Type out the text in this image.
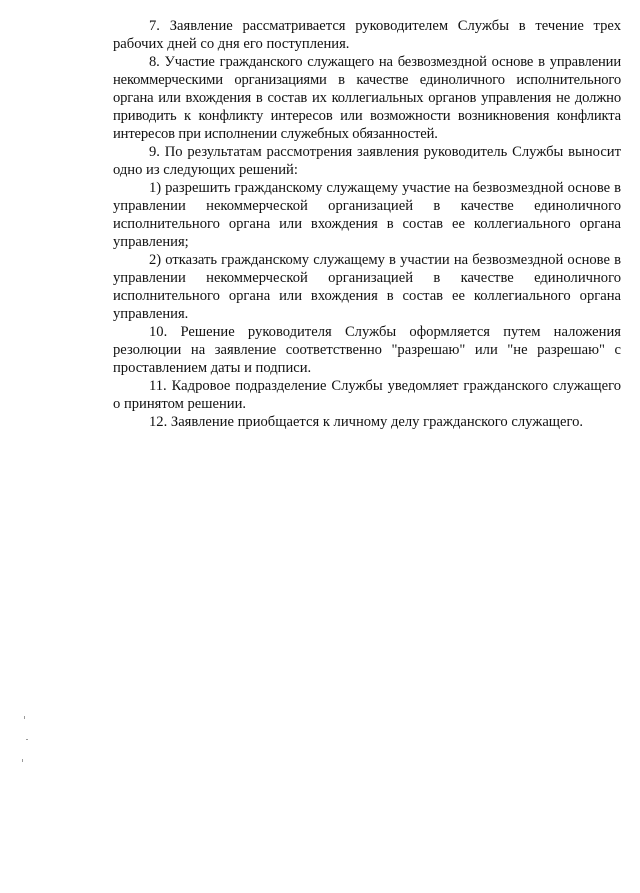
7. Заявление рассматривается руководителем Службы в течение трех рабочих дней со дня его поступления.

8. Участие гражданского служащего на безвозмездной основе в управлении некоммерческими организациями в качестве единоличного исполнительного органа или вхождения в состав их коллегиальных органов управления не должно приводить к конфликту интересов или возможности возникновения конфликта интересов при исполнении служебных обязанностей.

9. По результатам рассмотрения заявления руководитель Службы выносит одно из следующих решений:

1) разрешить гражданскому служащему участие на безвозмездной основе в управлении некоммерческой организацией в качестве единоличного исполнительного органа или вхождения в состав ее коллегиального органа управления;

2) отказать гражданскому служащему в участии на безвозмездной основе в управлении некоммерческой организацией в качестве единоличного исполнительного органа или вхождения в состав ее коллегиального органа управления.

10. Решение руководителя Службы оформляется путем наложения резолюции на заявление соответственно "разрешаю" или "не разрешаю" с проставлением даты и подписи.

11. Кадровое подразделение Службы уведомляет гражданского служащего о принятом решении.

12. Заявление приобщается к личному делу гражданского служащего.
